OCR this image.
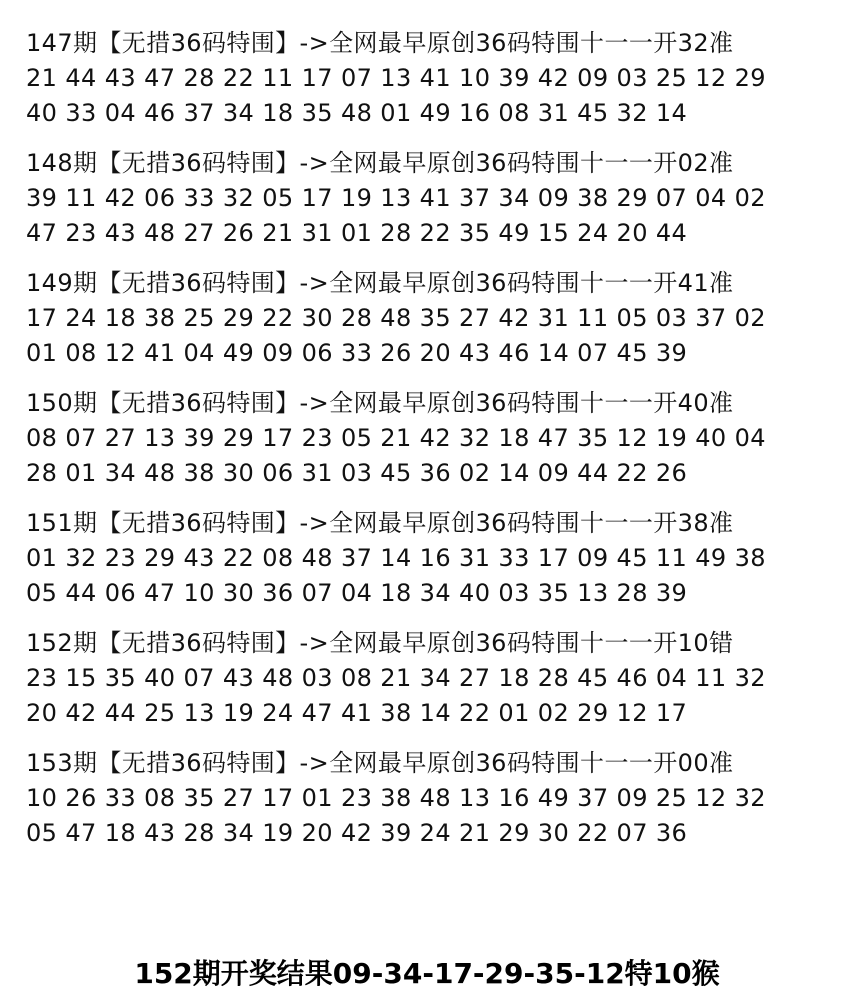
147期【无措36码特围】->全网最早原创36码特围十一一开32准
21 44 43 47 28 22 11 17 07 13 41 10 39 42 09 03 25 12 29
40 33 04 46 37 34 18 35 48 01 49 16 08 31 45 32 14
148期【无措36码特围】->全网最早原创36码特围十一一开02准
39 11 42 06 33 32 05 17 19 13 41 37 34 09 38 29 07 04 02
47 23 43 48 27 26 21 31 01 28 22 35 49 15 24 20 44
149期【无措36码特围】->全网最早原创36码特围十一一开41准
17 24 18 38 25 29 22 30 28 48 35 27 42 31 11 05 03 37 02
01 08 12 41 04 49 09 06 33 26 20 43 46 14 07 45 39
150期【无措36码特围】->全网最早原创36码特围十一一开40准
08 07 27 13 39 29 17 23 05 21 42 32 18 47 35 12 19 40 04
28 01 34 48 38 30 06 31 03 45 36 02 14 09 44 22 26
151期【无措36码特围】->全网最早原创36码特围十一一开38准
01 32 23 29 43 22 08 48 37 14 16 31 33 17 09 45 11 49 38
05 44 06 47 10 30 36 07 04 18 34 40 03 35 13 28 39
152期【无措36码特围】->全网最早原创36码特围十一一开10错
23 15 35 40 07 43 48 03 08 21 34 27 18 28 45 46 04 11 32
20 42 44 25 13 19 24 47 41 38 14 22 01 02 29 12 17
153期【无措36码特围】->全网最早原创36码特围十一一开00准
10 26 33 08 35 27 17 01 23 38 48 13 16 49 37 09 25 12 32
05 47 18 43 28 34 19 20 42 39 24 21 29 30 22 07 36
152期开奖结果09-34-17-29-35-12特10猴
